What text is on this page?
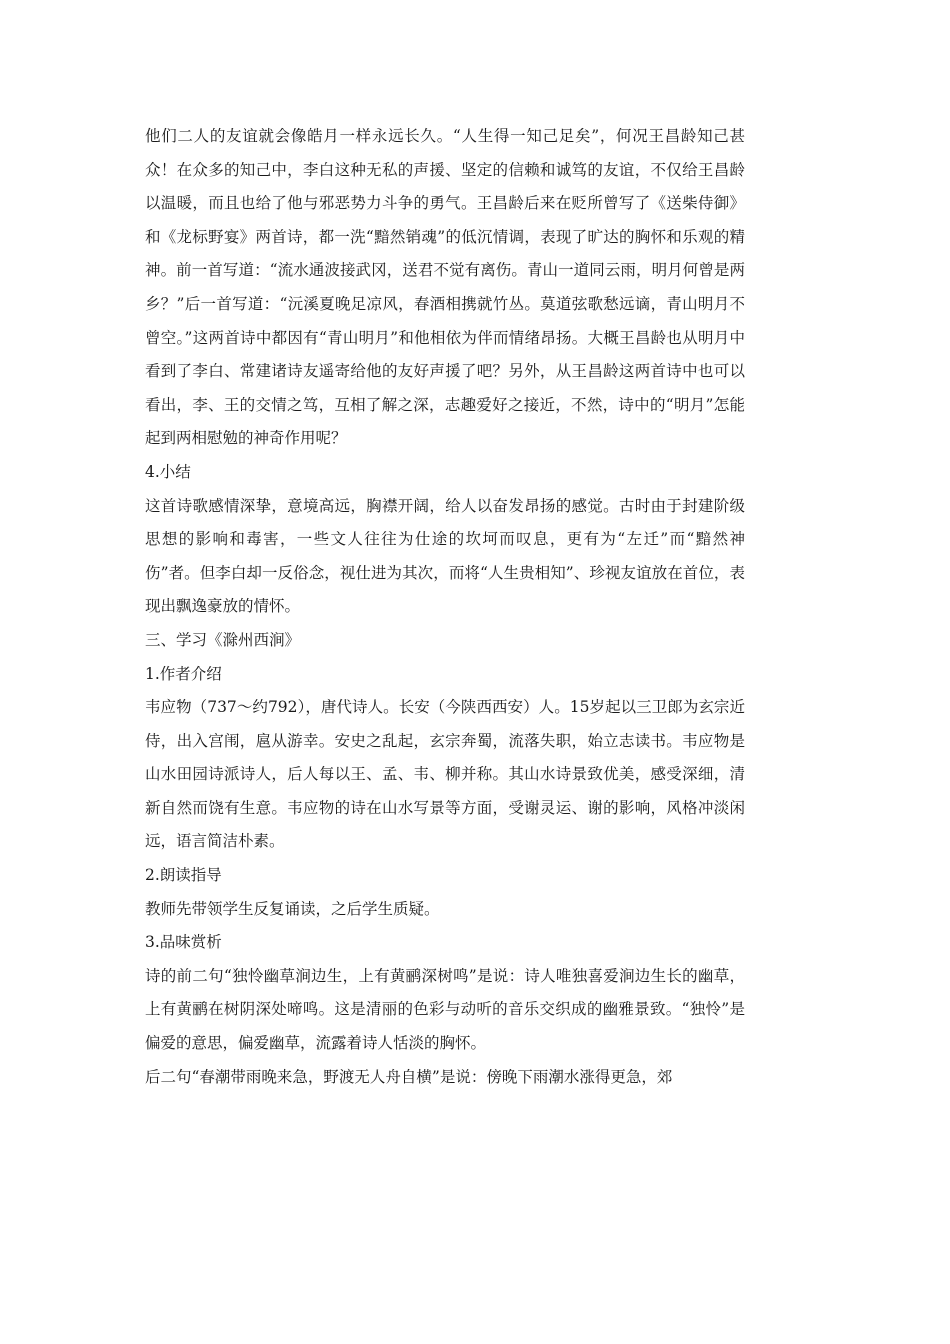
他们二人的友谊就会像皓月一样永远长久。“人生得一知己足矣”，何况王昌龄知己甚众！在众多的知己中，李白这种无私的声援、坚定的信赖和诚笃的友谊，不仅给王昌龄以温暖，而且也给了他与邪恶势力斗争的勇气。王昌龄后来在贬所曾写了《送柴侍御》和《龙标野宴》两首诗，都一洗“黯然销魂”的低沉情调，表现了旷达的胸怀和乐观的精神。前一首写道：“流水通波接武冈，送君不觉有离伤。青山一道同云雨，明月何曾是两乡？”后一首写道：“沅溪夏晚足凉风，春酒相携就竹丛。莫道弦歌愁远谪，青山明月不曾空。”这两首诗中都因有“青山明月”和他相依为伴而情绪昂扬。大概王昌龄也从明月中看到了李白、常建诸诗友遥寄给他的友好声援了吧？另外，从王昌龄这两首诗中也可以看出，李、王的交情之笃，互相了解之深，志趣爱好之接近，不然，诗中的“明月”怎能起到两相慰勉的神奇作用呢？

4.小结

这首诗歌感情深挚，意境高远，胸襟开阔，给人以奋发昂扬的感觉。古时由于封建阶级思想的影响和毒害，一些文人往往为仕途的坎坷而叹息，更有为“左迁”而“黯然神伤”者。但李白却一反俗念，视仕进为其次，而将“人生贵相知”、珍视友谊放在首位，表现出飘逸豪放的情怀。

三、学习《滁州西涧》

1.作者介绍

韦应物（737～约792），唐代诗人。长安（今陕西西安）人。15岁起以三卫郎为玄宗近侍，出入宫闱，扈从游幸。安史之乱起，玄宗奔蜀，流落失职，始立志读书。韦应物是山水田园诗派诗人，后人每以王、孟、韦、柳并称。其山水诗景致优美，感受深细，清新自然而饶有生意。韦应物的诗在山水写景等方面，受谢灵运、谢的影响，风格冲淡闲远，语言简洁朴素。

2.朗读指导

教师先带领学生反复诵读，之后学生质疑。

3.品味赏析

诗的前二句“独怜幽草涧边生，上有黄鹂深树鸣”是说：诗人唯独喜爱涧边生长的幽草，上有黄鹂在树阴深处啼鸣。这是清丽的色彩与动听的音乐交织成的幽雅景致。“独怜”是偏爱的意思，偏爱幽草，流露着诗人恬淡的胸怀。

后二句“春潮带雨晚来急，野渡无人舟自横”是说：傍晚下雨潮水涨得更急，郊
